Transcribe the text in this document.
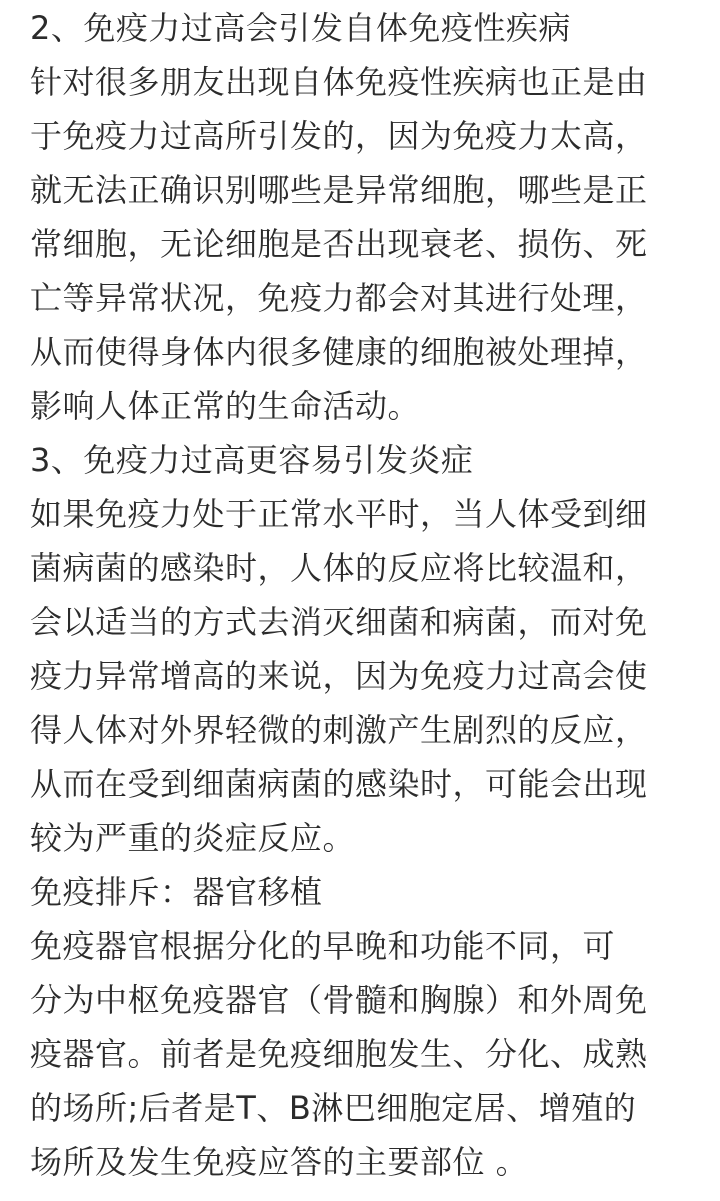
2、免疫力过高会引发自体免疫性疾病
针对很多朋友出现自体免疫性疾病也正是由
于免疫力过高所引发的，因为免疫力太高，
就无法正确识别哪些是异常细胞，哪些是正
常细胞，无论细胞是否出现衰老、损伤、死
亡等异常状况，免疫力都会对其进行处理，
从而使得身体内很多健康的细胞被处理掉，
影响人体正常的生命活动。
3、免疫力过高更容易引发炎症
如果免疫力处于正常水平时，当人体受到细
菌病菌的感染时，人体的反应将比较温和，
会以适当的方式去消灭细菌和病菌，而对免
疫力异常增高的来说，因为免疫力过高会使
得人体对外界轻微的刺激产生剧烈的反应，
从而在受到细菌病菌的感染时，可能会出现
较为严重的炎症反应。
免疫排斥：器官移植
免疫器官根据分化的早晚和功能不同，可
分为中枢免疫器官（骨髓和胸腺）和外周免
疫器官。前者是免疫细胞发生、分化、成熟
的场所;后者是T、B淋巴细胞定居、增殖的
场所及发生免疫应答的主要部位 。
